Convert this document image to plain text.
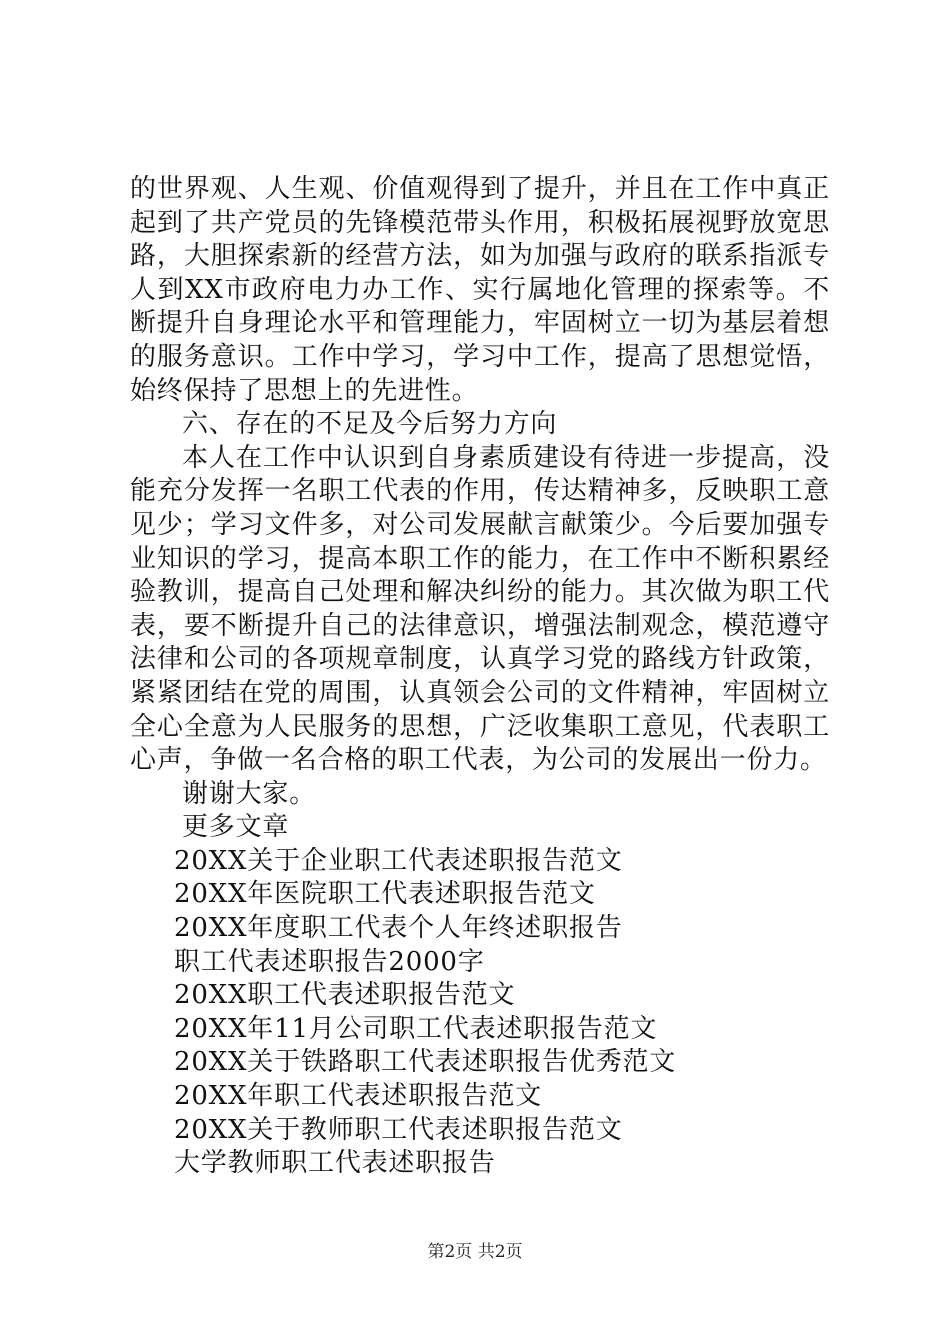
的世界观、人生观、价值观得到了提升，并且在工作中真正起到了共产党员的先锋模范带头作用，积极拓展视野放宽思路，大胆探索新的经营方法，如为加强与政府的联系指派专人到XX市政府电力办工作、实行属地化管理的探索等。不断提升自身理论水平和管理能力，牢固树立一切为基层着想的服务意识。工作中学习，学习中工作，提高了思想觉悟，始终保持了思想上的先进性。

六、存在的不足及今后努力方向

本人在工作中认识到自身素质建设有待进一步提高，没能充分发挥一名职工代表的作用，传达精神多，反映职工意见少；学习文件多，对公司发展献言献策少。今后要加强专业知识的学习，提高本职工作的能力，在工作中不断积累经验教训，提高自己处理和解决纠纷的能力。其次做为职工代表，要不断提升自己的法律意识，增强法制观念，模范遵守法律和公司的各项规章制度，认真学习党的路线方针政策，紧紧团结在党的周围，认真领会公司的文件精神，牢固树立全心全意为人民服务的思想，广泛收集职工意见，代表职工心声，争做一名合格的职工代表，为公司的发展出一份力。

谢谢大家。

更多文章

20XX关于企业职工代表述职报告范文
20XX年医院职工代表述职报告范文
20XX年度职工代表个人年终述职报告
职工代表述职报告2000字
20XX职工代表述职报告范文
20XX年11月公司职工代表述职报告范文
20XX关于铁路职工代表述职报告优秀范文
20XX年职工代表述职报告范文
20XX关于教师职工代表述职报告范文
大学教师职工代表述职报告
第2页 共2页
